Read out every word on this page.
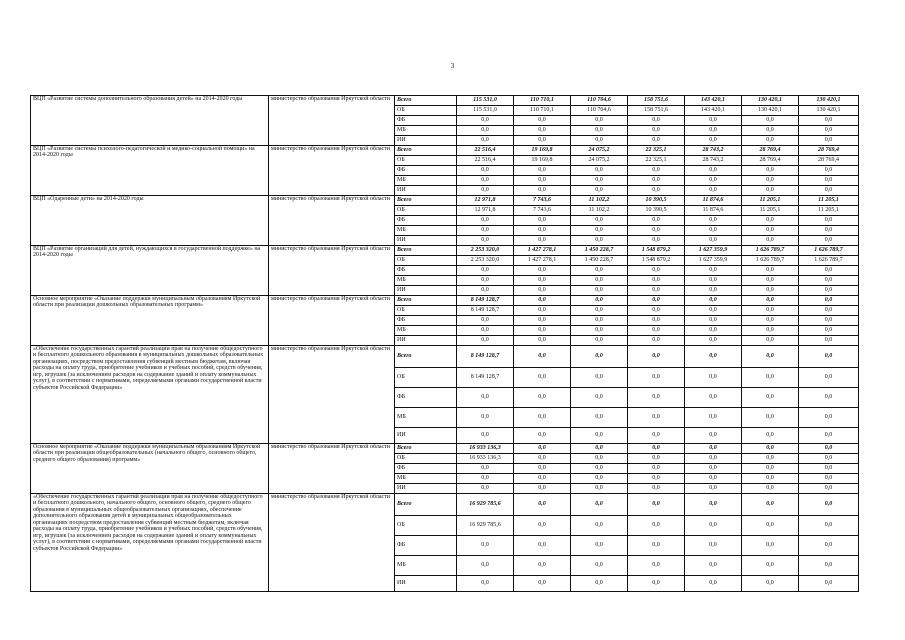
3
ВЦП «Развитие системы дополнительного образования детей» на 2014-2020 годы	министерство образования Иркутской области	Всего	115 531,0	110 710,1	110 704,6	158 751,6	143 420,1	130 420,1	130 420,1
		ОБ	115 531,0	110 710,1	110 704,6	158 751,6	143 420,1	130 420,1	130 420,1
		ФБ	0,0	0,0	0,0	0,0	0,0	0,0	0,0
		МБ	0,0	0,0	0,0	0,0	0,0	0,0	0,0
		ИИ	0,0	0,0	0,0	0,0	0,0	0,0	0,0
ВЦП «Развитие системы психолого-педагогической и медико-социальной помощи» на 2014-2020 годы	министерство образования Иркутской области	Всего	22 516,4	19 169,8	24 075,2	22 325,1	28 743,2	28 769,4	28 769,4
		ОБ	22 516,4	19 169,8	24 075,2	22 325,1	28 743,2	28 769,4	28 769,4
		ФБ	0,0	0,0	0,0	0,0	0,0	0,0	0,0
		МБ	0,0	0,0	0,0	0,0	0,0	0,0	0,0
		ИИ	0,0	0,0	0,0	0,0	0,0	0,0	0,0
ВЦП «Одаренные дети» на 2014-2020 годы	министерство образования Иркутской области	Всего	12 971,8	7 743,6	11 102,2	10 390,5	11 874,6	11 205,1	11 205,1
		ОБ	12 971,8	7 743,6	11 102,2	10 390,5	11 874,6	11 205,1	11 205,1
		ФБ	0,0	0,0	0,0	0,0	0,0	0,0	0,0
		МБ	0,0	0,0	0,0	0,0	0,0	0,0	0,0
		ИИ	0,0	0,0	0,0	0,0	0,0	0,0	0,0
ВЦП «Развитие организаций для детей, нуждающихся в государственной поддержке» на 2014-2020 годы	министерство образования Иркутской области	Всего	2 253 320,0	1 427 278,1	1 450 228,7	1 548 879,2	1 627 359,9	1 626 789,7	1 626 789,7
		ОБ	2 253 320,0	1 427 278,1	1 450 228,7	1 548 879,2	1 627 359,9	1 626 789,7	1 626 789,7
		ФБ	0,0	0,0	0,0	0,0	0,0	0,0	0,0
		МБ	0,0	0,0	0,0	0,0	0,0	0,0	0,0
		ИИ	0,0	0,0	0,0	0,0	0,0	0,0	0,0
Основное мероприятие «Оказание поддержки муниципальным образованиям Иркутской области при реализации дошкольных образовательных программ»	министерство образования Иркутской области	Всего	8 149 128,7	0,0	0,0	0,0	0,0	0,0	0,0
		ОБ	8 149 128,7	0,0	0,0	0,0	0,0	0,0	0,0
		ФБ	0,0	0,0	0,0	0,0	0,0	0,0	0,0
		МБ	0,0	0,0	0,0	0,0	0,0	0,0	0,0
		ИИ	0,0	0,0	0,0	0,0	0,0	0,0	0,0
«Обеспечение государственных гарантий реализации прав на получение общедоступного и бесплатного дошкольного образования в муниципальных дошкольных образовательных организациях, посредством предоставления субвенций местным бюджетам, включая расходы на оплату труда, приобретение учебников и учебных пособий, средств обучения, игр, игрушек (за исключением расходов на содержание зданий и оплату коммунальных услуг), в соответствии с нормативами, определяемыми органами государственной власти субъектов Российской Федерации»	министерство образования Иркутской области	Всего	8 149 128,7	0,0	0,0	0,0	0,0	0,0	0,0
		ОБ	8 149 128,7	0,0	0,0	0,0	0,0	0,0	0,0
		ФБ	0,0	0,0	0,0	0,0	0,0	0,0	0,0
		МБ	0,0	0,0	0,0	0,0	0,0	0,0	0,0
		ИИ	0,0	0,0	0,0	0,0	0,0	0,0	0,0
Основное мероприятие «Оказание поддержки муниципальным образованиям Иркутской области при реализации общеобразовательных (начального общего, основного общего, среднего общего образования) программ»	министерство образования Иркутской области	Всего	16 933 136,3	0,0	0,0	0,0	0,0	0,0	0,0
		ОБ	16 933 136,3	0,0	0,0	0,0	0,0	0,0	0,0
		ФБ	0,0	0,0	0,0	0,0	0,0	0,0	0,0
		МБ	0,0	0,0	0,0	0,0	0,0	0,0	0,0
		ИИ	0,0	0,0	0,0	0,0	0,0	0,0	0,0
«Обеспечение государственных гарантий реализации прав на получение общедоступного и бесплатного дошкольного, начального общего, основного общего, среднего общего образования в муниципальных общеобразовательных организациях, обеспечение дополнительного образования детей в муниципальных общеобразовательных организациях посредством предоставления субвенций местным бюджетам, включая расходы на оплату труда, приобретение учебников и учебных пособий, средств обучения, игр, игрушек (за исключением расходов на содержание зданий и оплату коммунальных услуг), в соответствии с нормативами, определяемыми органами государственной власти субъектов Российской Федерации»	министерство образования Иркутской области	Всего	16 929 785,6	0,0	0,0	0,0	0,0	0,0	0,0
		ОБ	16 929 785,6	0,0	0,0	0,0	0,0	0,0	0,0
		ФБ	0,0	0,0	0,0	0,0	0,0	0,0	0,0
		МБ	0,0	0,0	0,0	0,0	0,0	0,0	0,0
		ИИ	0,0	0,0	0,0	0,0	0,0	0,0	0,0
